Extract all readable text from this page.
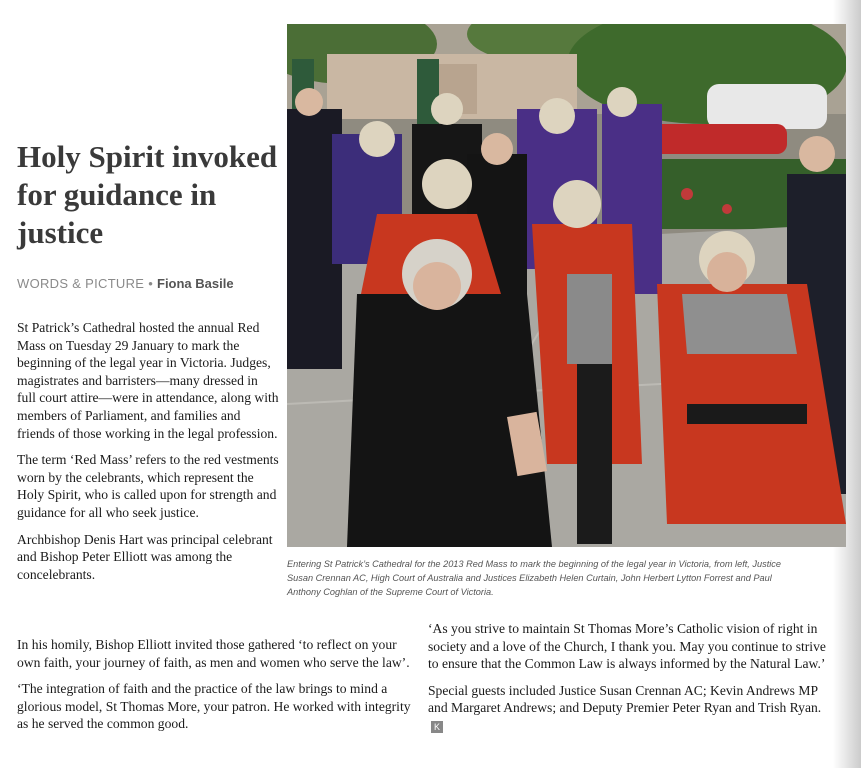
Holy Spirit invoked for guidance in justice
WORDS & PICTURE • Fiona Basile

St Patrick’s Cathedral hosted the annual Red Mass on Tuesday 29 January to mark the beginning of the legal year in Victoria. Judges, magistrates and barristers—many dressed in full court attire—were in attendance, along with members of Parliament, and families and friends of those working in the legal profession.

The term ‘Red Mass’ refers to the red vestments worn by the celebrants, which represent the Holy Spirit, who is called upon for strength and guidance for all who seek justice.

Archbishop Denis Hart was principal celebrant and Bishop Peter Elliott was among the concelebrants.

In his homily, Bishop Elliott invited those gathered ‘to reflect on your own faith, your journey of faith, as men and women who serve the law’.

‘The integration of faith and the practice of the law brings to mind a glorious model, St Thomas More, your patron. He worked with integrity as he served the common good.

‘As you strive to maintain St Thomas More’s Catholic vision of right in society and a love of the Church, I thank you. May you continue to strive to ensure that the Common Law is always informed by the Natural Law.’

Special guests included Justice Susan Crennan AC; Kevin Andrews MP and Margaret Andrews; and Deputy Premier Peter Ryan and Trish Ryan.K

Entering St Patrick’s Cathedral for the 2013 Red Mass to mark the beginning of the legal year in Victoria, from left, Justice Susan Crennan AC, High Court of Australia and Justices Elizabeth Helen Curtain, John Herbert Lytton Forrest and Paul Anthony Coghlan of the Supreme Court of Victoria.
